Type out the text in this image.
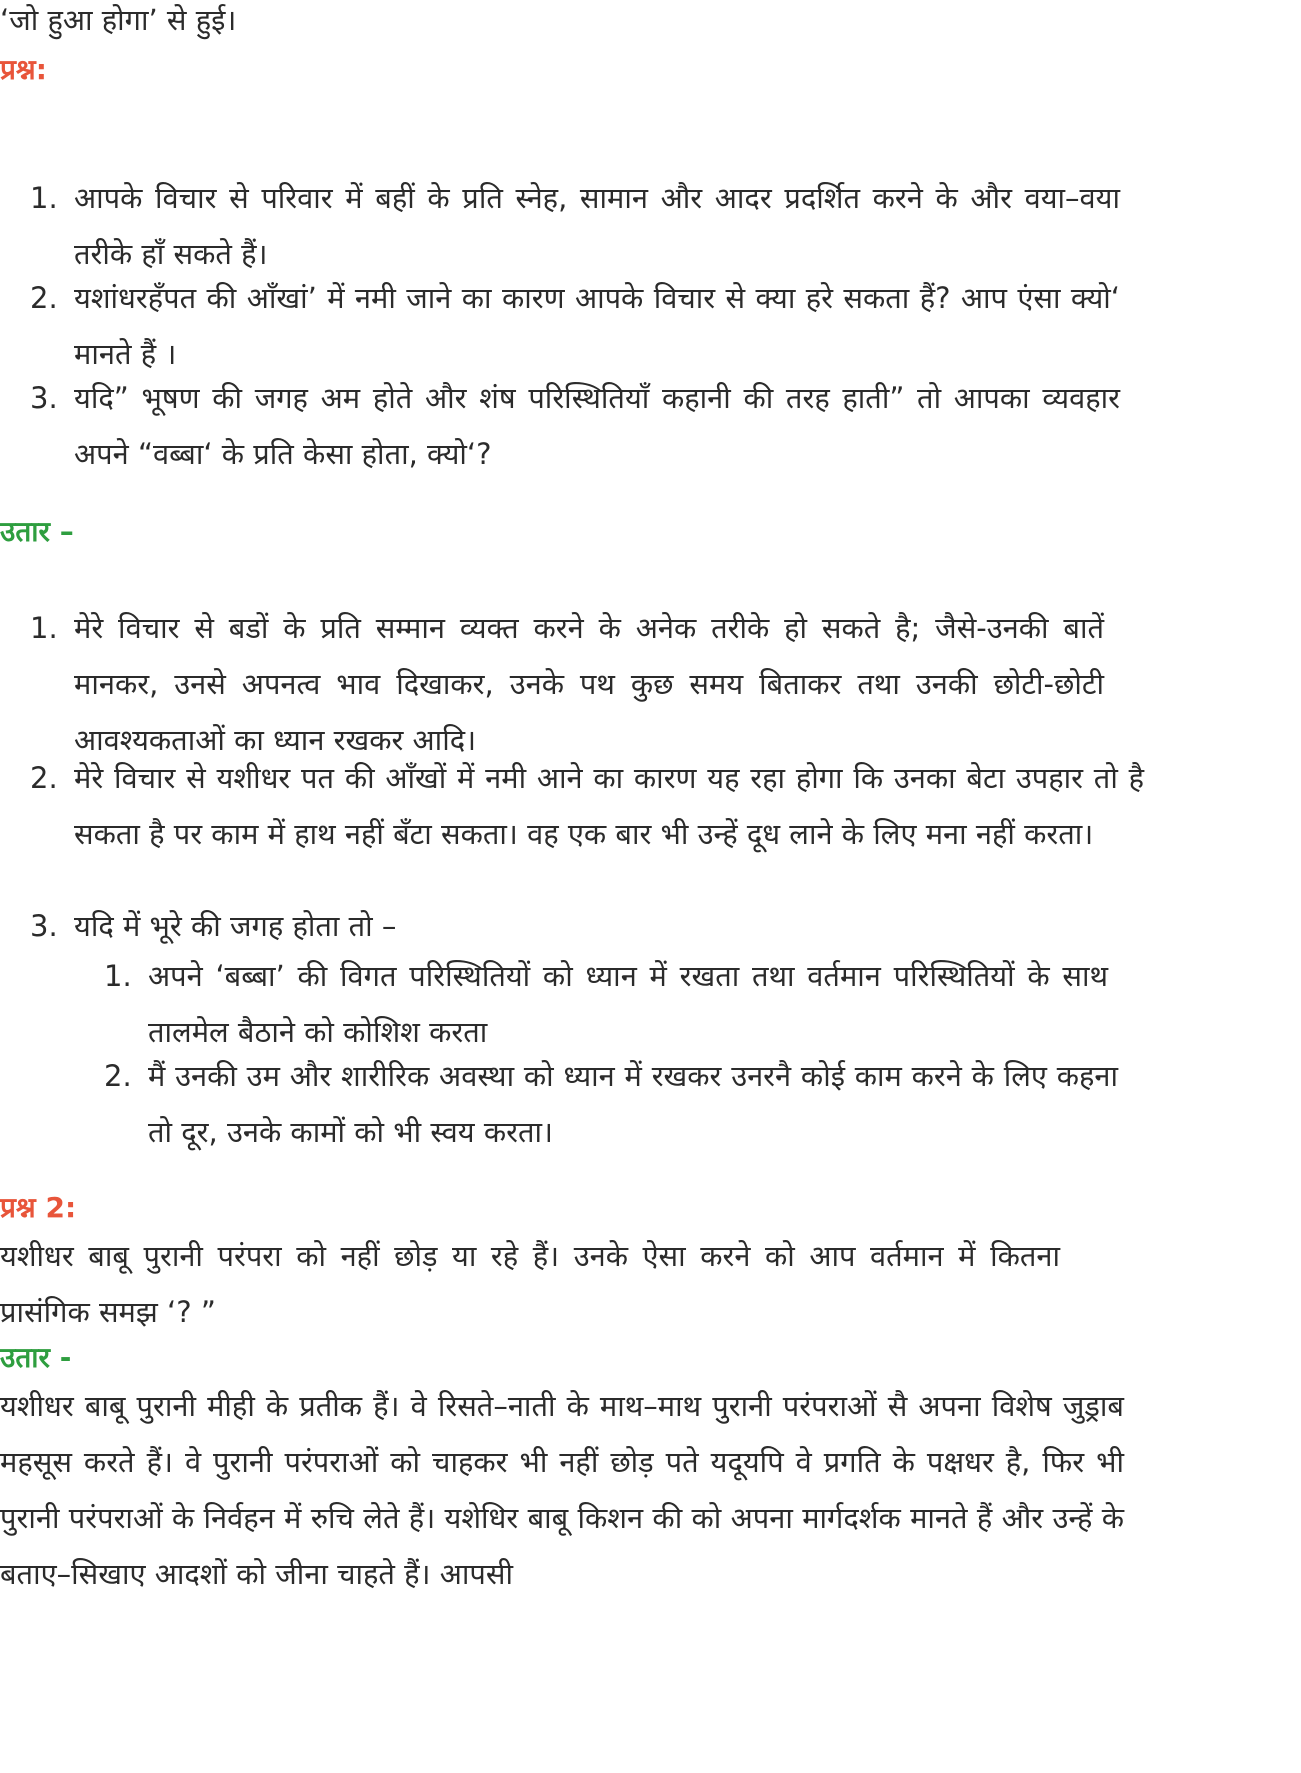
‘जो हुआ होगा’ से हुई।
प्रश्न:
1. आपके विचार से परिवार में बहीं के प्रति स्नेह, सामान और आदर प्रदर्शित करने के और वया–वया तरीके हाँ सकते हैं।
2. यशांधरहँपत की आँखां’ में नमी जाने का कारण आपके विचार से क्या हरे सकता हैं? आप एंसा क्यो‘ मानते हैं ।
3. यदि” भूषण की जगह अम होते और शंष परिस्थितियाँ कहानी की तरह हाती” तो आपका व्यवहार अपने “वब्बा‘ के प्रति केसा होता, क्यो‘?
उतार –
1. मेरे विचार से बडों के प्रति सम्मान व्यक्त करने के अनेक तरीके हो सकते है; जैसे-उनकी बातें मानकर, उनसे अपनत्व भाव दिखाकर, उनके पथ कुछ समय बिताकर तथा उनकी छोटी-छोटी आवश्यकताओं का ध्यान रखकर आदि।
2. मेरे विचार से यशीधर पत की आँखों में नमी आने का कारण यह रहा होगा कि उनका बेटा उपहार तो है सकता है पर काम में हाथ नहीं बँटा सकता। वह एक बार भी उन्हें दूध लाने के लिए मना नहीं करता।
3. यदि में भूरे की जगह होता तो –
1. अपने ‘बब्बा’ की विगत परिस्थितियों को ध्यान में रखता तथा वर्तमान परिस्थितियों के साथ तालमेल बैठाने को कोशिश करता
2. मैं उनकी उम और शारीरिक अवस्था को ध्यान में रखकर उनरनै कोई काम करने के लिए कहना तो दूर, उनके कामों को भी स्वय करता।
प्रश्न 2:
यशीधर बाबू पुरानी परंपरा को नहीं छोड़ या रहे हैं। उनके ऐसा करने को आप वर्तमान में कितना प्रासंगिक समझ ‘? ”
उतार -
यशीधर बाबू पुरानी मीही के प्रतीक हैं। वे रिसते–नाती के माथ–माथ पुरानी परंपराओं सै अपना विशेष जुड्राब महसूस करते हैं। वे पुरानी परंपराओं को चाहकर भी नहीं छोड़ पते यदूयपि वे प्रगति के पक्षधर है, फिर भी पुरानी परंपराओं के निर्वहन में रुचि लेते हैं। यशेधिर बाबू किशन की को अपना मार्गदर्शक मानते हैं और उन्हें के बताए–सिखाए आदशों को जीना चाहते हैं। आपसी
